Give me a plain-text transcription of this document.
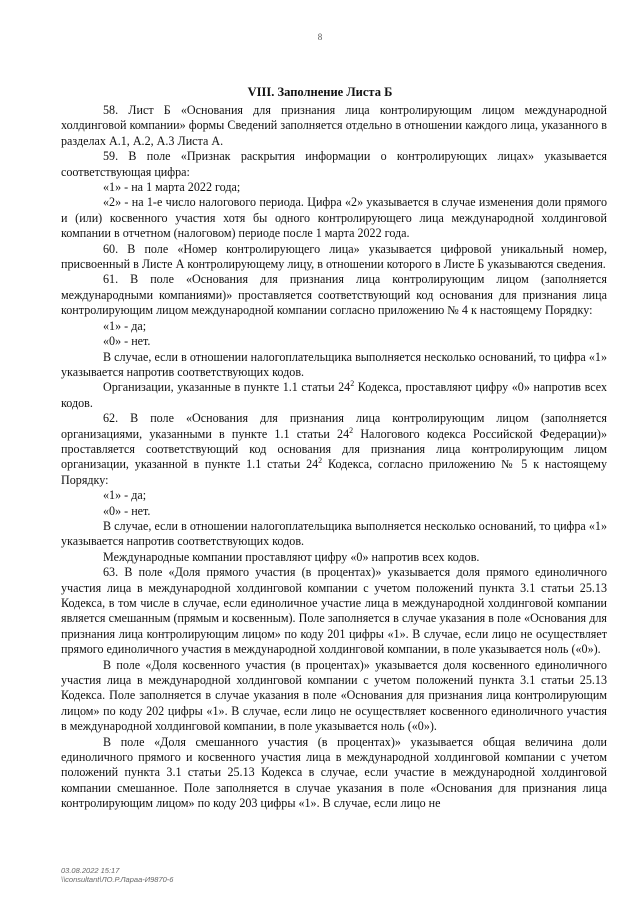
8
VIII. Заполнение Листа Б

58. Лист Б «Основания для признания лица контролирующим лицом международной холдинговой компании» формы Сведений заполняется отдельно в отношении каждого лица, указанного в разделах А.1, А.2, А.3 Листа А.

59. В поле «Признак раскрытия информации о контролирующих лицах» указывается соответствующая цифра:

«1» - на 1 марта 2022 года;

«2» - на 1-е число налогового периода. Цифра «2» указывается в случае изменения доли прямого и (или) косвенного участия хотя бы одного контролирующего лица международной холдинговой компании в отчетном (налоговом) периоде после 1 марта 2022 года.

60. В поле «Номер контролирующего лица» указывается цифровой уникальный номер, присвоенный в Листе А контролирующему лицу, в отношении которого в Листе Б указываются сведения.

61. В поле «Основания для признания лица контролирующим лицом (заполняется международными компаниями)» проставляется соответствующий код основания для признания лица контролирующим лицом международной компании согласно приложению № 4 к настоящему Порядку:

«1» - да;

«0» - нет.

В случае, если в отношении налогоплательщика выполняется несколько оснований, то цифра «1» указывается напротив соответствующих кодов.

Организации, указанные в пункте 1.1 статьи $24^2$ Кодекса, проставляют цифру «0» напротив всех кодов.

62. В поле «Основания для признания лица контролирующим лицом (заполняется организациями, указанными в пункте 1.1 статьи $24^2$ Налогового кодекса Российской Федерации)» проставляется соответствующий код основания для признания лица контролирующим лицом организации, указанной в пункте 1.1 статьи $24^2$ Кодекса, согласно приложению № 5 к настоящему Порядку:

«1» - да;

«0» - нет.

В случае, если в отношении налогоплательщика выполняется несколько оснований, то цифра «1» указывается напротив соответствующих кодов.

Международные компании проставляют цифру «0» напротив всех кодов.

63. В поле «Доля прямого участия (в процентах)» указывается доля прямого единоличного участия лица в международной холдинговой компании с учетом положений пункта 3.1 статьи 25.13 Кодекса, в том числе в случае, если единоличное участие лица в международной холдинговой компании является смешанным (прямым и косвенным). Поле заполняется в случае указания в поле «Основания для признания лица контролирующим лицом» по коду 201 цифры «1». В случае, если лицо не осуществляет прямого единоличного участия в международной холдинговой компании, в поле указывается ноль («0»).

В поле «Доля косвенного участия (в процентах)» указывается доля косвенного единоличного участия лица в международной холдинговой компании с учетом положений пункта 3.1 статьи 25.13 Кодекса. Поле заполняется в случае указания в поле «Основания для признания лица контролирующим лицом» по коду 202 цифры «1». В случае, если лицо не осуществляет косвенного единоличного участия в международной холдинговой компании, в поле указывается ноль («0»).

В поле «Доля смешанного участия (в процентах)» указывается общая величина доли единоличного прямого и косвенного участия лица в международной холдинговой компании с учетом положений пункта 3.1 статьи 25.13 Кодекса в случае, если участие в международной холдинговой компании смешанное. Поле заполняется в случае указания в поле «Основания для признания лица контролирующим лицом» по коду 203 цифры «1». В случае, если лицо не

03.08.2022 15:17
\\consultant\ЛО.Р.Лараа-И9870-6
